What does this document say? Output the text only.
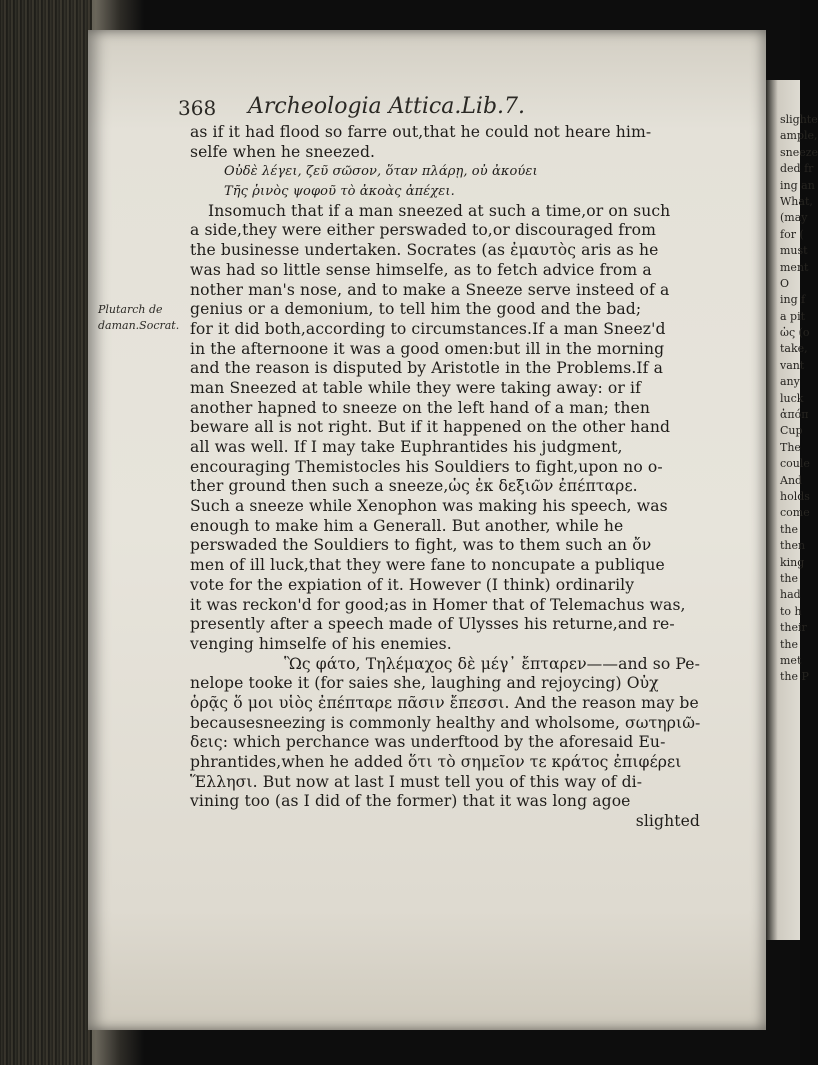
368 Archeologia Attica.Lib.7.
Plutarch de
daman.Socrat.
as if it had flood so farre out,that he could not heare him-
selfe when he sneezed.
Οὐδὲ λέγει, ζεῦ σῶσον, ὅταν πλάρῃ, οὐ ἀκούει
Τῆς ῥινὸς ψοφοῦ τὸ ἀκοὰς ἀπέχει.
Insomuch that if a man sneezed at such a time,or on such
a side,they were either perswaded to,or discouraged from
the businesse undertaken. Socrates (as ἐμαυτὸς aris as he
was had so little sense himselfe, as to fetch advice from a
nother man's nose, and to make a Sneeze serve insteed of a
genius or a demonium, to tell him the good and the bad;
for it did both,according to circumstances.If a man Sneez'd
in the afternoone it was a good omen:but ill in the morning
and the reason is disputed by Aristotle in the Problems.If a
man Sneezed at table while they were taking away: or if
another hapned to sneeze on the left hand of a man; then
beware all is not right. But if it happened on the other hand
all was well. If I may take Euphrantides his judgment,
encouraging Themistocles his Souldiers to fight,upon no o-
ther ground then such a sneeze,ὡς ἐκ δεξιῶν ἐπέπταρε.
Such a sneeze while Xenophon was making his speech, was
enough to make him a Generall. But another, while he
perswaded the Souldiers to fight, was to them such an ὄν
men of ill luck,that they were fane to noncupate a publique
vote for the expiation of it. However (I think) ordinarily
it was reckon'd for good;as in Homer that of Telemachus was,
presently after a speech made of Ulysses his returne,and re-
venging himselfe of his enemies.
Ὣς φάτο, Τηλέμαχος δὲ μέγ᾽ ἔπταρεν——and so Pe-
nelope tooke it (for saies she, laughing and rejoycing) Οὐχ
ὁρᾷς ὅ μοι υἱὸς ἐπέπταρε πᾶσιν ἔπεσσι. And the reason may be
becausesneezing is commonly healthy and wholsome, σωτηριῶ-
δεις: which perchance was underftood by the aforesaid Eu-
phrantides,when he added ὅτι τὸ σημεῖον τε κράτος ἐπιφέρει
Ἕλλησι. But now at last I must tell you of this way of di-
vining too (as I did of the former) that it was long agoe
slighted
slighte
ample,
sneeze
ded fr
ing an
What,
(may
for (
must
ment
O
ing f
a pit
ὡς (ο
take,
vant
any
luck
ἀπόπ
Cup
The
coule
And
holds
come
the
then
king
the
had
to h
their
the
met
the P
